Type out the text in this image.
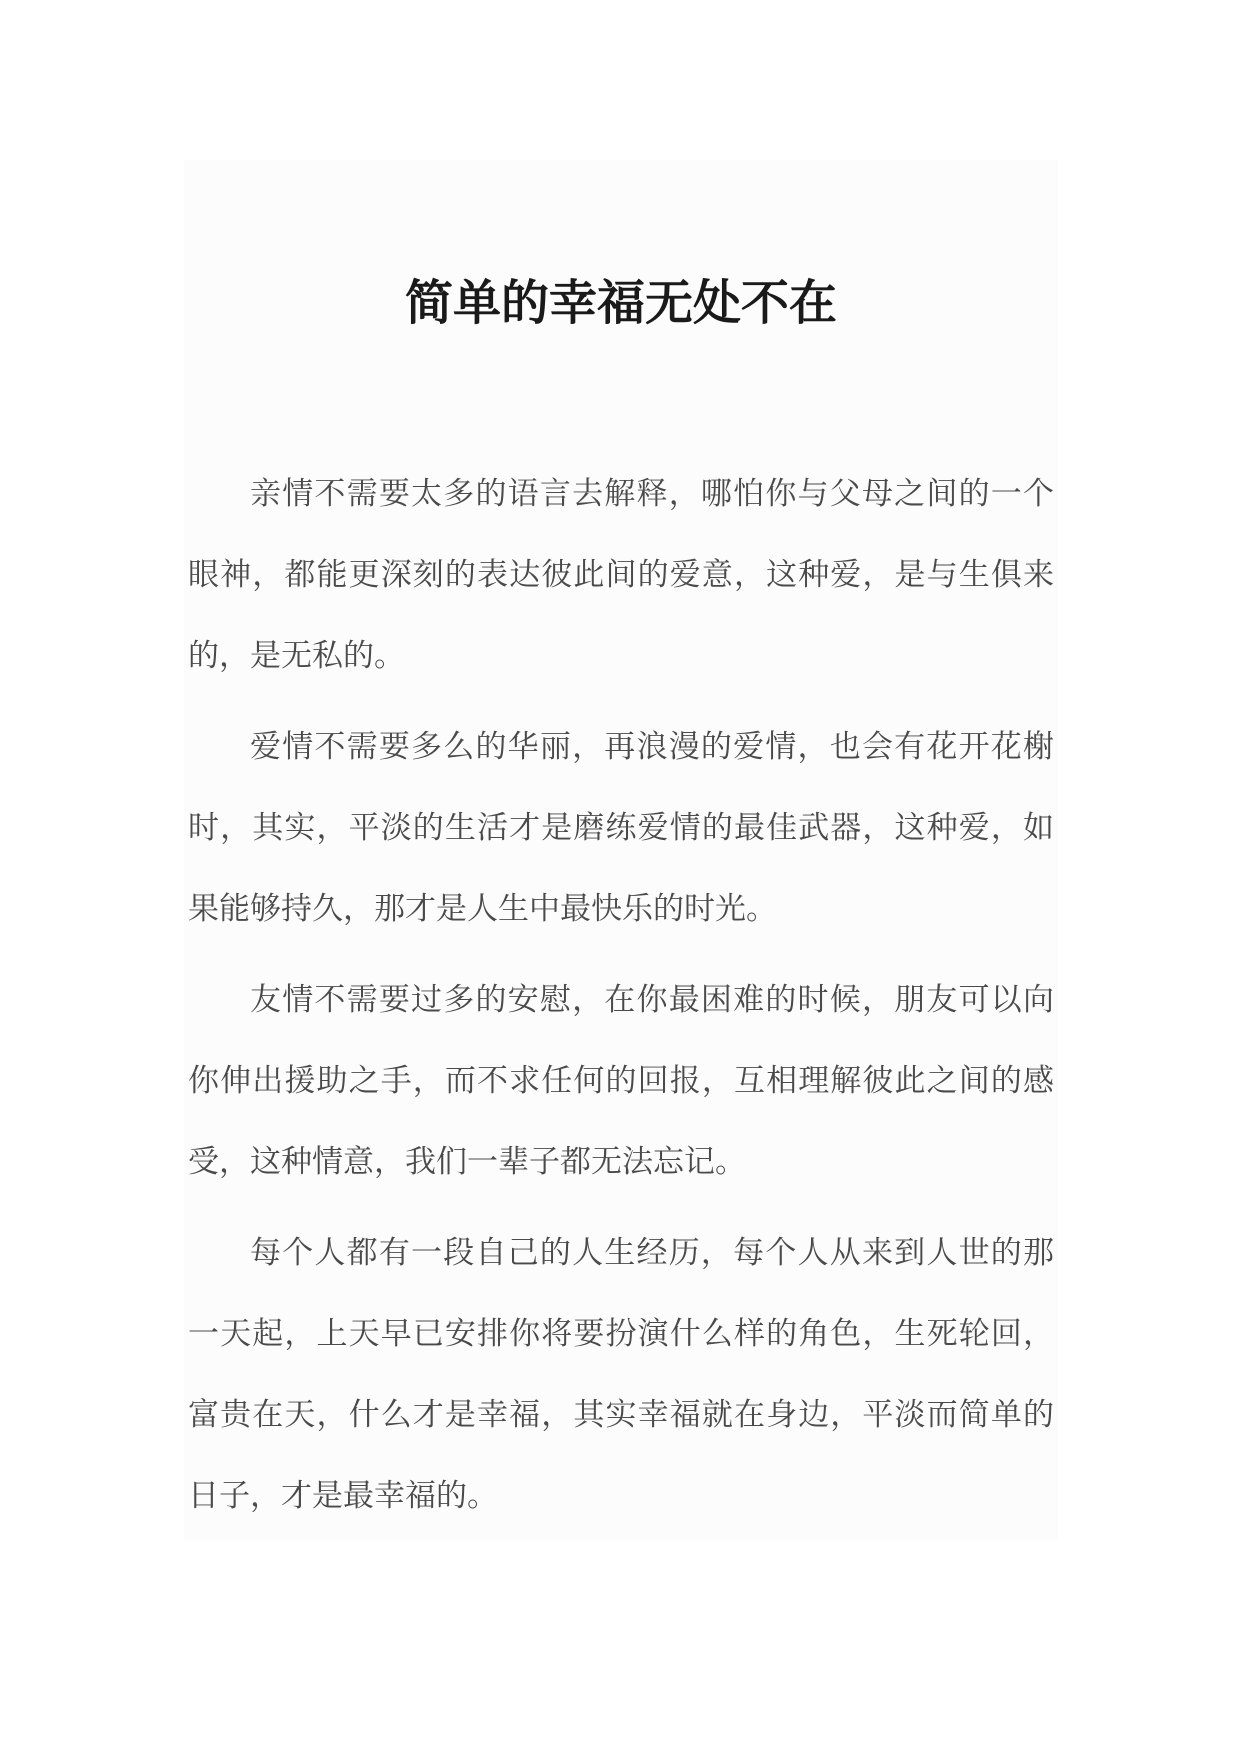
简单的幸福无处不在

亲情不需要太多的语言去解释，哪怕你与父母之间的一个眼神，都能更深刻的表达彼此间的爱意，这种爱，是与生俱来的，是无私的。

爱情不需要多么的华丽，再浪漫的爱情，也会有花开花榭时，其实，平淡的生活才是磨练爱情的最佳武器，这种爱，如果能够持久，那才是人生中最快乐的时光。

友情不需要过多的安慰，在你最困难的时候，朋友可以向你伸出援助之手，而不求任何的回报，互相理解彼此之间的感受，这种情意，我们一辈子都无法忘记。

每个人都有一段自己的人生经历，每个人从来到人世的那一天起，上天早已安排你将要扮演什么样的角色，生死轮回，富贵在天，什么才是幸福，其实幸福就在身边，平淡而简单的日子，才是最幸福的。
